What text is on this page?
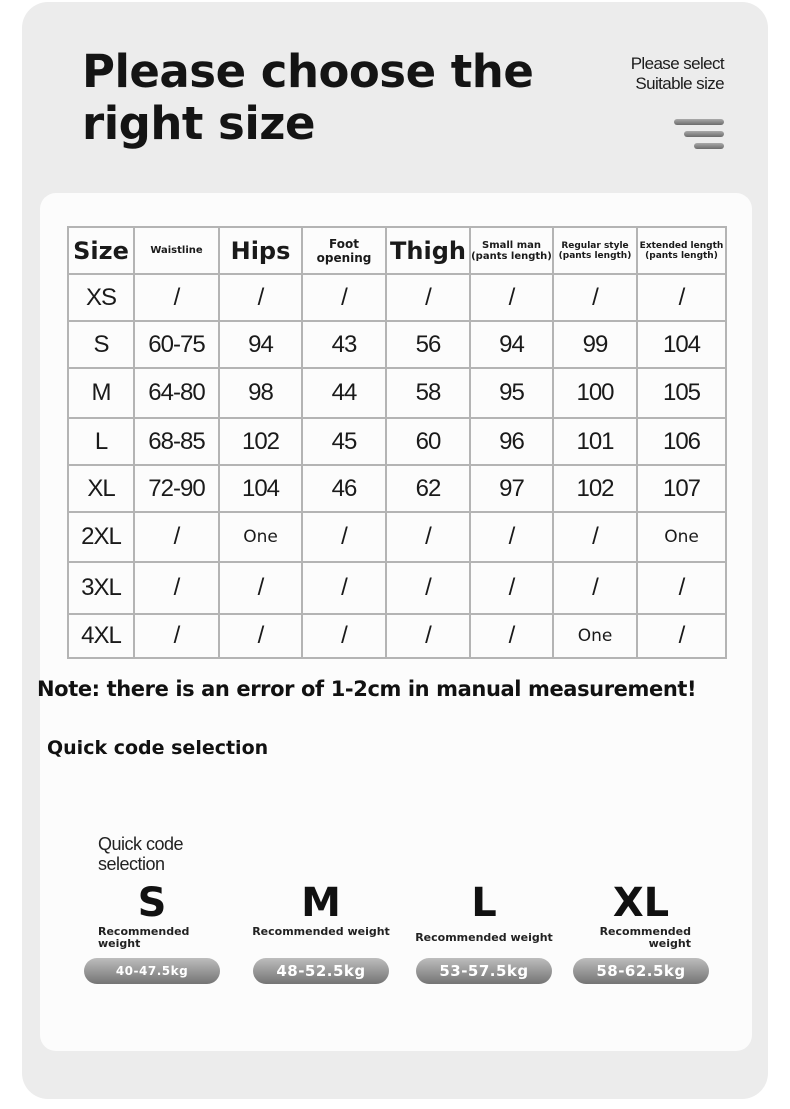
Please choose the
right size
Please select
Suitable size
Size	Waistline	Hips	Foot opening	Thigh	Small man (pants length)	Regular style (pants length)	Extended length (pants length)
XS	/	/	/	/	/	/	/
S	60-75	94	43	56	94	99	104
M	64-80	98	44	58	95	100	105
L	68-85	102	45	60	96	101	106
XL	72-90	104	46	62	97	102	107
2XL	/	One	/	/	/	/	One
3XL	/	/	/	/	/	/	/
4XL	/	/	/	/	/	One	/
Note: there is an error of 1-2cm in manual measurement!
Quick code selection
Quick code
selection
S
Recommended weight
40-47.5kg
M
Recommended weight
48-52.5kg
L
Recommended weight
53-57.5kg
XL
Recommended weight
58-62.5kg
